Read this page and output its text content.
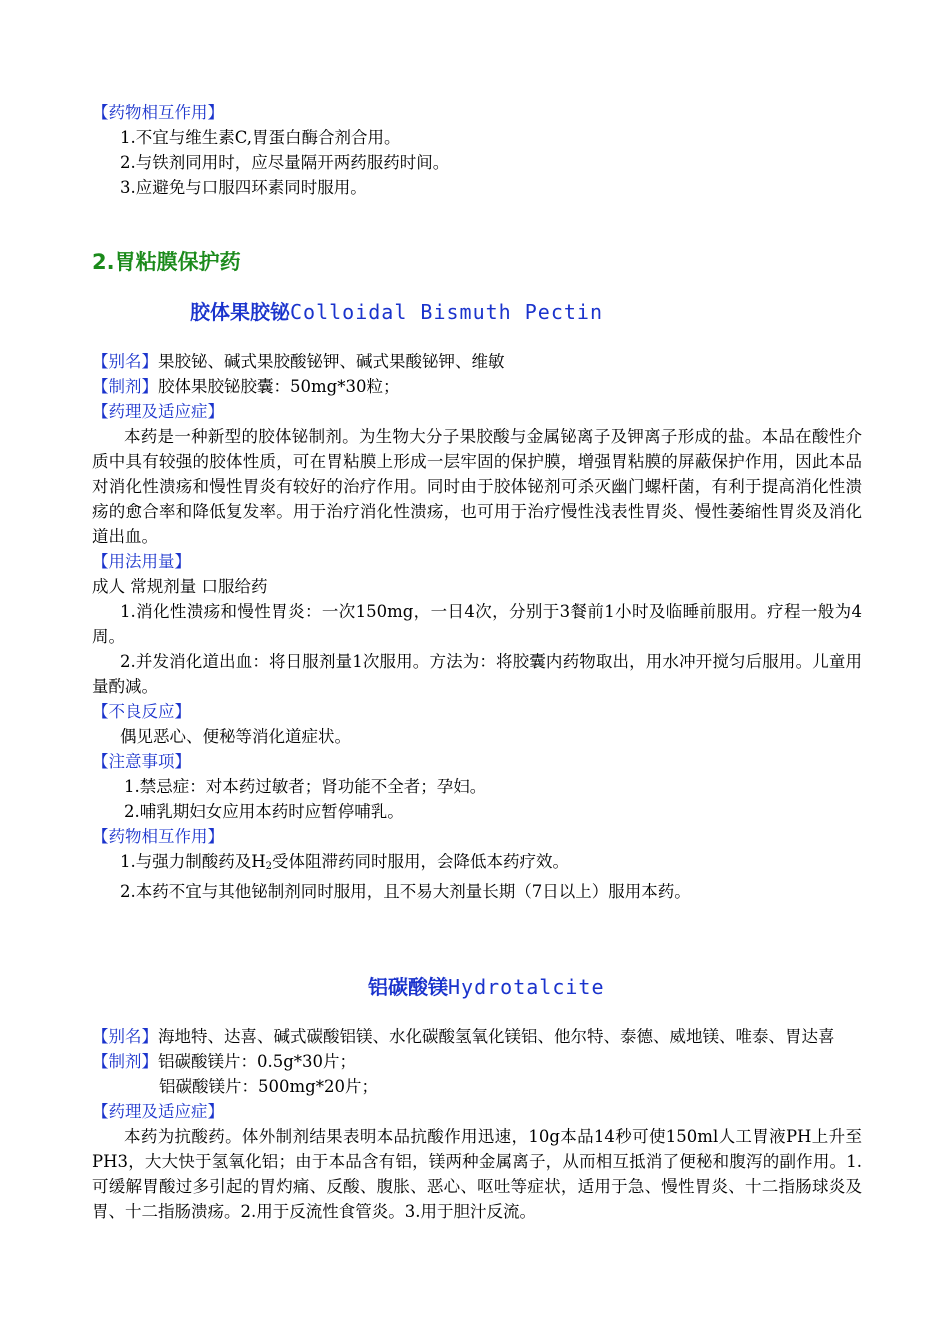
【药物相互作用】
1.不宜与维生素C,胃蛋白酶合剂合用。
2.与铁剂同用时，应尽量隔开两药服药时间。
3.应避免与口服四环素同时服用。
2.胃粘膜保护药
胶体果胶铋Colloidal Bismuth Pectin
【别名】果胶铋、碱式果胶酸铋钾、碱式果酸铋钾、维敏
【制剂】胶体果胶铋胶囊：50mg*30粒；
【药理及适应症】
本药是一种新型的胶体铋制剂。为生物大分子果胶酸与金属铋离子及钾离子形成的盐。本品在酸性介质中具有较强的胶体性质，可在胃粘膜上形成一层牢固的保护膜，增强胃粘膜的屏蔽保护作用，因此本品对消化性溃疡和慢性胃炎有较好的治疗作用。同时由于胶体铋剂可杀灭幽门螺杆菌，有利于提高消化性溃疡的愈合率和降低复发率。用于治疗消化性溃疡，也可用于治疗慢性浅表性胃炎、慢性萎缩性胃炎及消化道出血。
【用法用量】
成人 常规剂量 口服给药
1.消化性溃疡和慢性胃炎：一次150mg，一日4次，分别于3餐前1小时及临睡前服用。疗程一般为4周。
2.并发消化道出血：将日服剂量1次服用。方法为：将胶囊内药物取出，用水冲开搅匀后服用。儿童用量酌减。
【不良反应】
偶见恶心、便秘等消化道症状。
【注意事项】
1.禁忌症：对本药过敏者；肾功能不全者；孕妇。
2.哺乳期妇女应用本药时应暂停哺乳。
【药物相互作用】
1.与强力制酸药及$H_2$受体阻滞药同时服用，会降低本药疗效。
2.本药不宜与其他铋制剂同时服用，且不易大剂量长期（7日以上）服用本药。
铝碳酸镁Hydrotalcite
【别名】海地特、达喜、碱式碳酸铝镁、水化碳酸氢氧化镁铝、他尔特、泰德、威地镁、唯泰、胃达喜
【制剂】铝碳酸镁片：0.5g*30片；
铝碳酸镁片：500mg*20片；
【药理及适应症】
本药为抗酸药。体外制剂结果表明本品抗酸作用迅速，10g本品14秒可使150ml人工胃液PH上升至PH3，大大快于氢氧化铝；由于本品含有铝，镁两种金属离子，从而相互抵消了便秘和腹泻的副作用。1.可缓解胃酸过多引起的胃灼痛、反酸、腹胀、恶心、呕吐等症状，适用于急、慢性胃炎、十二指肠球炎及胃、十二指肠溃疡。2.用于反流性食管炎。3.用于胆汁反流。
